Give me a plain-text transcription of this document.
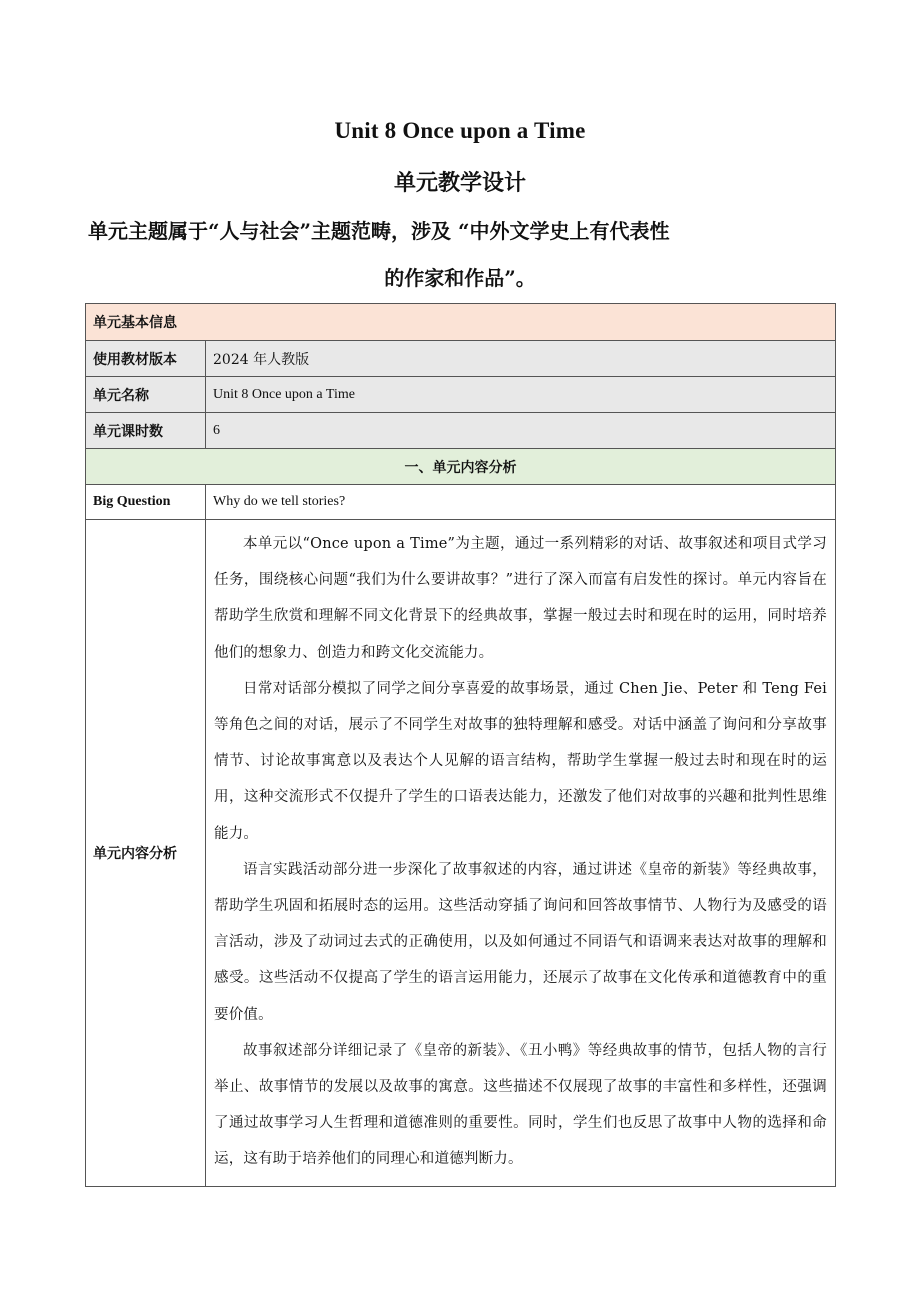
Unit 8 Once upon a Time
单元教学设计
单元主题属于“人与社会”主题范畴，涉及 “中外文学史上有代表性
的作家和作品”。
单元基本信息	
使用教材版本	2024 年人教版
单元名称	Unit 8 Once upon a Time
单元课时数	6
一、单元内容分析	
Big Question	Why do we tell stories?
单元内容分析	本单元以“Once upon a Time”为主题，通过一系列精彩的对话、故事叙述和项目式学习任务，围绕核心问题“我们为什么要讲故事？”进行了深入而富有启发性的探讨。单元内容旨在帮助学生欣赏和理解不同文化背景下的经典故事，掌握一般过去时和现在时的运用，同时培养他们的想象力、创造力和跨文化交流能力。

日常对话部分模拟了同学之间分享喜爱的故事场景，通过 Chen Jie、Peter 和 Teng Fei 等角色之间的对话，展示了不同学生对故事的独特理解和感受。对话中涵盖了询问和分享故事情节、讨论故事寓意以及表达个人见解的语言结构，帮助学生掌握一般过去时和现在时的运用，这种交流形式不仅提升了学生的口语表达能力，还激发了他们对故事的兴趣和批判性思维能力。

语言实践活动部分进一步深化了故事叙述的内容，通过讲述《皇帝的新装》等经典故事，帮助学生巩固和拓展时态的运用。这些活动穿插了询问和回答故事情节、人物行为及感受的语言活动，涉及了动词过去式的正确使用，以及如何通过不同语气和语调来表达对故事的理解和感受。这些活动不仅提高了学生的语言运用能力，还展示了故事在文化传承和道德教育中的重要价值。

故事叙述部分详细记录了《皇帝的新装》、《丑小鸭》等经典故事的情节，包括人物的言行举止、故事情节的发展以及故事的寓意。这些描述不仅展现了故事的丰富性和多样性，还强调了通过故事学习人生哲理和道德准则的重要性。同时，学生们也反思了故事中人物的选择和命运，这有助于培养他们的同理心和道德判断力。
